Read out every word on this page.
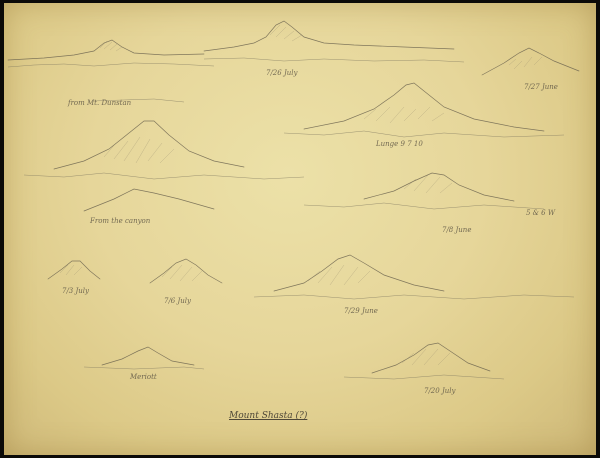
from Mt. Dunstan
7/26 July
7/27 June
Lunge 9 7 10
From the canyon
7/8 June
5 & 6 W
7/3 July
7/6 July
7/29 June
Meriott
7/20 July
Mount Shasta (?)
